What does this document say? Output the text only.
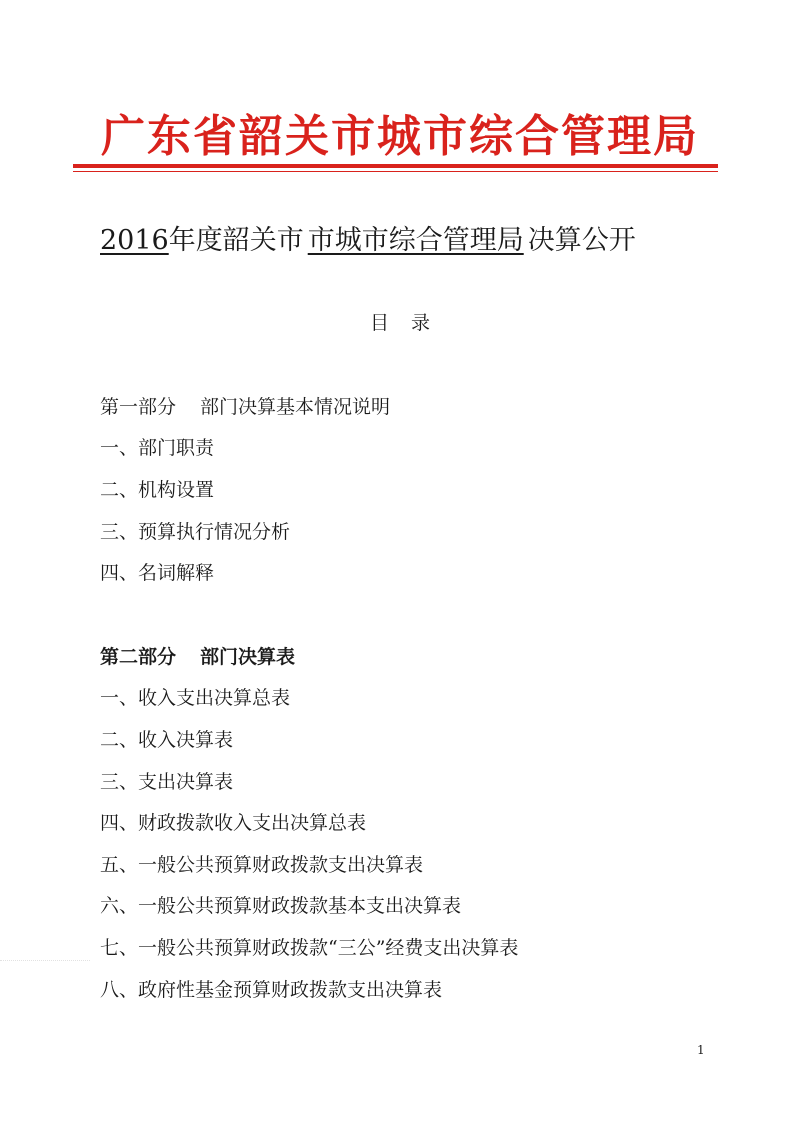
广东省韶关市城市综合管理局
2016年度韶关市 市城市综合管理局 决算公开
目录
第一部分 部门决算基本情况说明
一、部门职责
二、机构设置
三、预算执行情况分析
四、名词解释
第二部分 部门决算表
一、收入支出决算总表
二、收入决算表
三、支出决算表
四、财政拨款收入支出决算总表
五、一般公共预算财政拨款支出决算表
六、一般公共预算财政拨款基本支出决算表
七、一般公共预算财政拨款“三公”经费支出决算表
八、政府性基金预算财政拨款支出决算表
1
